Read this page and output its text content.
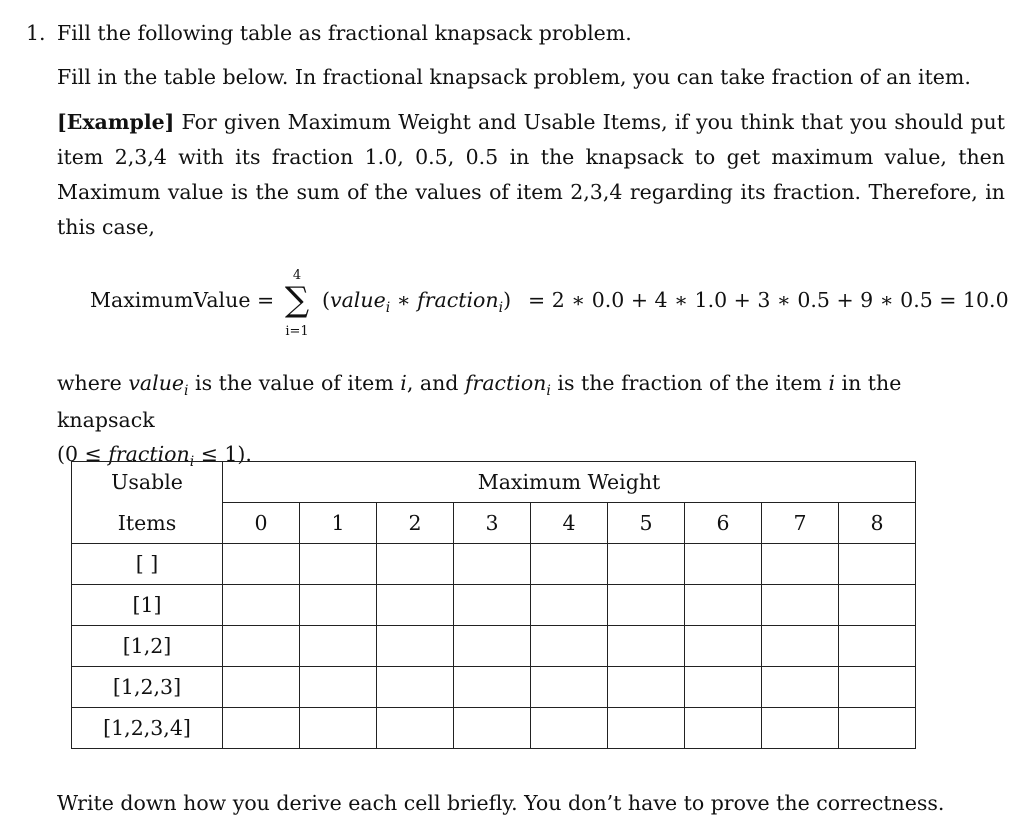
1. Fill the following table as fractional knapsack problem.
Fill in the table below. In fractional knapsack problem, you can take fraction of an item.
[Example] For given Maximum Weight and Usable Items, if you think that you should put item 2,3,4 with its fraction 1.0, 0.5, 0.5 in the knapsack to get maximum value, then Maximum value is the sum of the values of item 2,3,4 regarding its fraction. Therefore, in this case,
MaximumValue =
4
∑
i=1
(value$_i$ ∗ fraction$_i$) = 2 ∗ 0.0 + 4 ∗ 1.0 + 3 ∗ 0.5 + 9 ∗ 0.5 = 10.0
where value$_i$ is the value of item i, and fraction$_i$ is the fraction of the item i in the knapsack
(0 ≤ fraction$_i$ ≤ 1).
Usable	Maximum Weight								
Items	0	1	2	3	4	5	6	7	8
[ ]									
[1]									
[1,2]									
[1,2,3]									
[1,2,3,4]									
Write down how you derive each cell briefly. You don’t have to prove the correctness.
